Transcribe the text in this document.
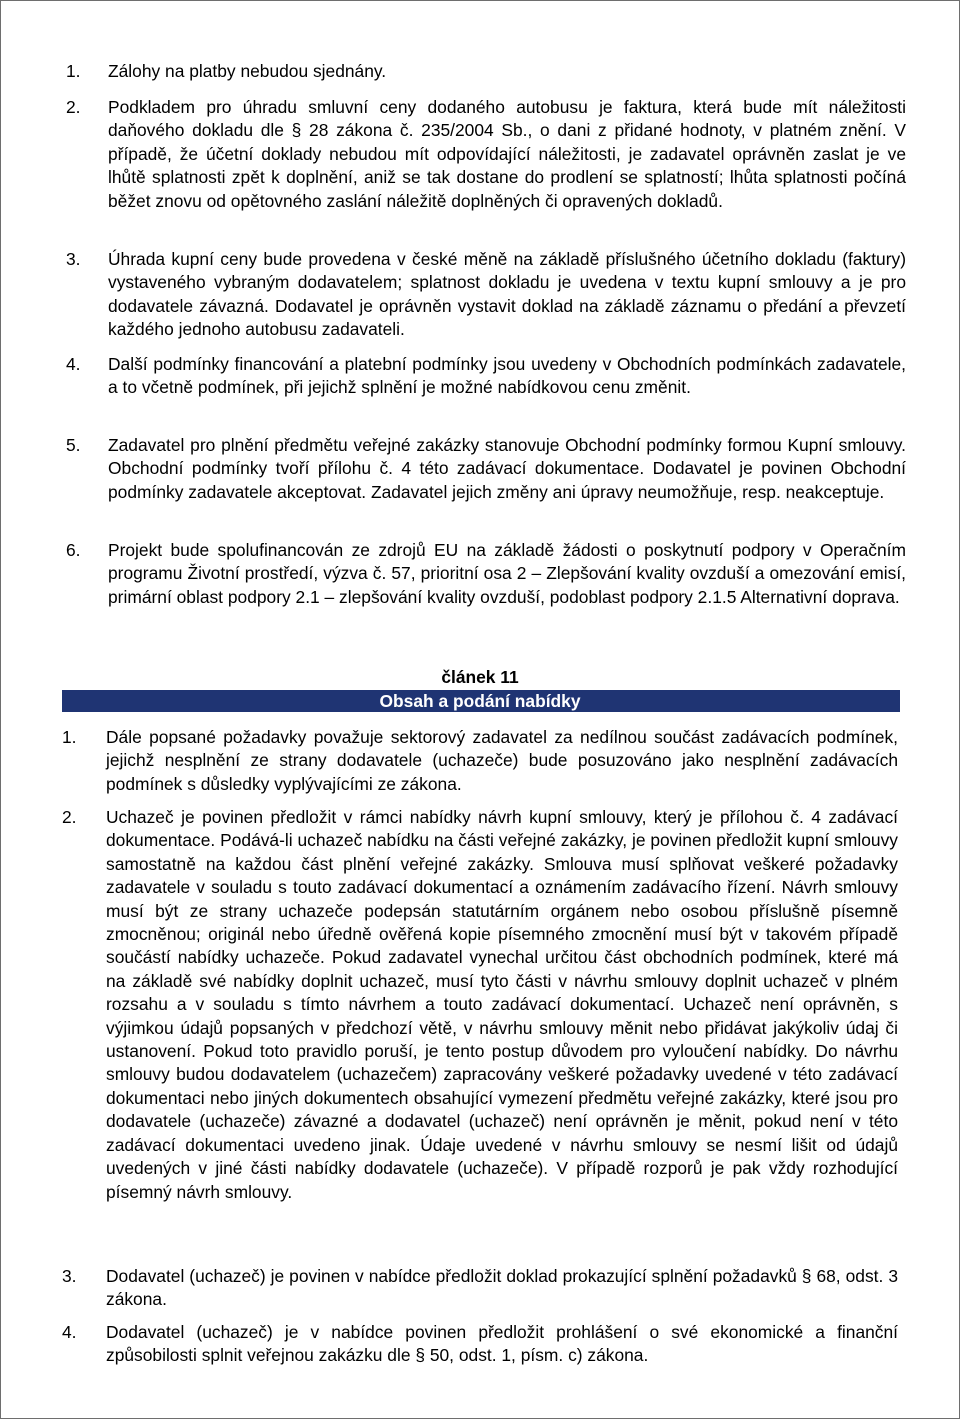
1. Zálohy na platby nebudou sjednány.
2. Podkladem pro úhradu smluvní ceny dodaného autobusu je faktura, která bude mít náležitosti daňového dokladu dle § 28 zákona č. 235/2004 Sb., o dani z přidané hodnoty, v platném znění. V případě, že účetní doklady nebudou mít odpovídající náležitosti, je zadavatel oprávněn zaslat je ve lhůtě splatnosti zpět k doplnění, aniž se tak dostane do prodlení se splatností; lhůta splatnosti počíná běžet znovu od opětovného zaslání náležitě doplněných či opravených dokladů.
3. Úhrada kupní ceny bude provedena v české měně na základě příslušného účetního dokladu (faktury) vystaveného vybraným dodavatelem; splatnost dokladu je uvedena v textu kupní smlouvy a je pro dodavatele závazná. Dodavatel je oprávněn vystavit doklad na základě záznamu o předání a převzetí každého jednoho autobusu zadavateli.
4. Další podmínky financování a platební podmínky jsou uvedeny v Obchodních podmínkách zadavatele, a to včetně podmínek, při jejichž splnění je možné nabídkovou cenu změnit.
5. Zadavatel pro plnění předmětu veřejné zakázky stanovuje Obchodní podmínky formou Kupní smlouvy. Obchodní podmínky tvoří přílohu č. 4 této zadávací dokumentace. Dodavatel je povinen Obchodní podmínky zadavatele akceptovat. Zadavatel jejich změny ani úpravy neumožňuje, resp. neakceptuje.
6. Projekt bude spolufinancován ze zdrojů EU na základě žádosti o poskytnutí podpory v Operačním programu Životní prostředí, výzva č. 57, prioritní osa 2 – Zlepšování kvality ovzduší a omezování emisí, primární oblast podpory 2.1 – zlepšování kvality ovzduší, podoblast podpory 2.1.5 Alternativní doprava.
článek 11
Obsah a podání nabídky
1. Dále popsané požadavky považuje sektorový zadavatel za nedílnou součást zadávacích podmínek, jejichž nesplnění ze strany dodavatele (uchazeče) bude posuzováno jako nesplnění zadávacích podmínek s důsledky vyplývajícími ze zákona.
2. Uchazeč je povinen předložit v rámci nabídky návrh kupní smlouvy, který je přílohou č. 4 zadávací dokumentace. Podává-li uchazeč nabídku na části veřejné zakázky, je povinen předložit kupní smlouvy samostatně na každou část plnění veřejné zakázky. Smlouva musí splňovat veškeré požadavky zadavatele v souladu s touto zadávací dokumentací a oznámením zadávacího řízení. Návrh smlouvy musí být ze strany uchazeče podepsán statutárním orgánem nebo osobou příslušně písemně zmocněnou; originál nebo úředně ověřená kopie písemného zmocnění musí být v takovém případě součástí nabídky uchazeče. Pokud zadavatel vynechal určitou část obchodních podmínek, které má na základě své nabídky doplnit uchazeč, musí tyto části v návrhu smlouvy doplnit uchazeč v plném rozsahu a v souladu s tímto návrhem a touto zadávací dokumentací. Uchazeč není oprávněn, s výjimkou údajů popsaných v předchozí větě, v návrhu smlouvy měnit nebo přidávat jakýkoliv údaj či ustanovení. Pokud toto pravidlo poruší, je tento postup důvodem pro vyloučení nabídky. Do návrhu smlouvy budou dodavatelem (uchazečem) zapracovány veškeré požadavky uvedené v této zadávací dokumentaci nebo jiných dokumentech obsahující vymezení předmětu veřejné zakázky, které jsou pro dodavatele (uchazeče) závazné a dodavatel (uchazeč) není oprávněn je měnit, pokud není v této zadávací dokumentaci uvedeno jinak. Údaje uvedené v návrhu smlouvy se nesmí lišit od údajů uvedených v jiné části nabídky dodavatele (uchazeče). V případě rozporů je pak vždy rozhodující písemný návrh smlouvy.
3. Dodavatel (uchazeč) je povinen v nabídce předložit doklad prokazující splnění požadavků § 68, odst. 3 zákona.
4. Dodavatel (uchazeč) je v nabídce povinen předložit prohlášení o své ekonomické a finanční způsobilosti splnit veřejnou zakázku dle § 50, odst. 1, písm. c) zákona.
